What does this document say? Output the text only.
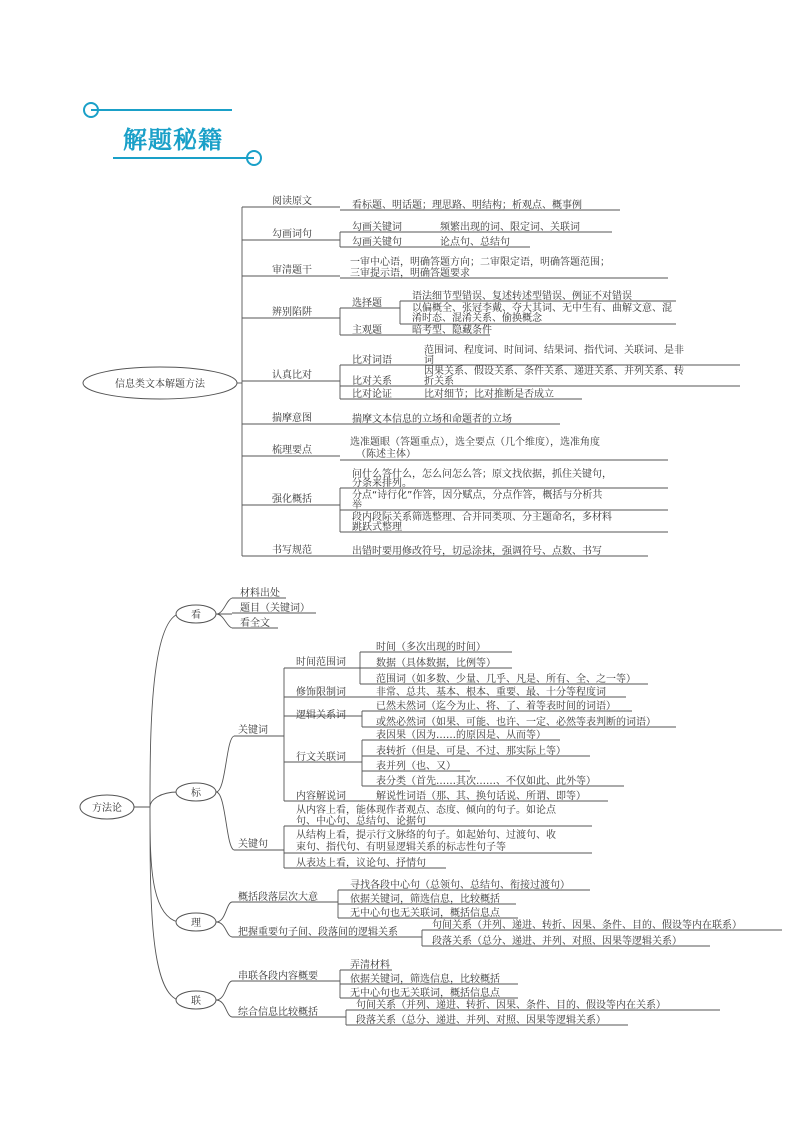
解题秘籍
信息类文本解题方法
阅读原文	看标题、明话题；理思路、明结构；析观点、概事例
勾画词句
勾画关键词	频繁出现的词、限定词、关联词
勾画关键句	论点句、总结句
审清题干
一审中心语，明确答题方向；二审限定语，明确答题范围；
三审提示语，明确答题要求
辨别陷阱
选择题
主观题
语法细节型错误、复述转述型错误、例证不对错误
以偏概全、张冠李戴、夺大其词、无中生有、曲解文意、混
淆时态、混淆关系、偷换概念
暗考型、隐藏条件
认真比对
比对词语
范围词、程度词、时间词、结果词、指代词、关联词、是非
词
比对关系
因果关系、假设关系、条件关系、递进关系、并列关系、转
折关系
比对论证	比对细节；比对推断是否成立
揣摩意图	揣摩文本信息的立场和命题者的立场
梳理要点
选准题眼（答题重点），选全要点（几个维度），选准角度
（陈述主体）
强化概括
问什么答什么，怎么问怎么答；原文找依据，抓住关键句，
分条来排列。
分点“诗行化”作答，因分赋点，分点作答，概括与分析共
举
段内段际关系筛选整理、合并同类项、分主题命名，多材料
跳跃式整理
书写规范	出错时要用修改符号，切忌涂抹，强调符号、点数、书写
方法论
看
材料出处
题目（关键词）
看全文
标
关键词
时间范围词
时间（多次出现的时间）
数据（具体数据，比例等）
范围词（如多数、少量、几乎、凡是、所有、全、之一等）
修饰限制词	非常、总共、基本、根本、重要、最、十分等程度词
逻辑关系词
已然未然词（迄今为止、将、了、着等表时间的词语）
或然必然词（如果、可能、也许、一定、必然等表判断的词语）
行文关联词
表因果（因为……的原因是、从而等）
表转折（但是、可是、不过、那实际上等）
表并列（也、又）
表分类（首先……其次……、不仅如此、此外等）
内容解说词	解说性词语（那、其、换句话说、所谓、即等）
关键句
从内容上看，能体现作者观点、态度、倾向的句子。如论点
句、中心句、总结句、论据句
从结构上看，提示行文脉络的句子。如起始句、过渡句、收
束句、指代句、有明显逻辑关系的标志性句子等
从表达上看，议论句、抒情句
理
概括段落层次大意
寻找各段中心句（总领句、总结句、衔接过渡句）
依据关键词，筛选信息，比较概括
无中心句也无关联词，概括信息点
把握重要句子间、段落间的逻辑关系
句间关系（并列、递进、转折、因果、条件、目的、假设等内在联系）
段落关系（总分、递进、并列、对照、因果等逻辑关系）
联
串联各段内容概要
弄清材料
依据关键词，筛选信息，比较概括
无中心句也无关联词，概括信息点
综合信息比较概括
句间关系（并列、递进、转折、因果、条件、目的、假设等内在关系）
段落关系（总分、递进、并列、对照、因果等逻辑关系）
